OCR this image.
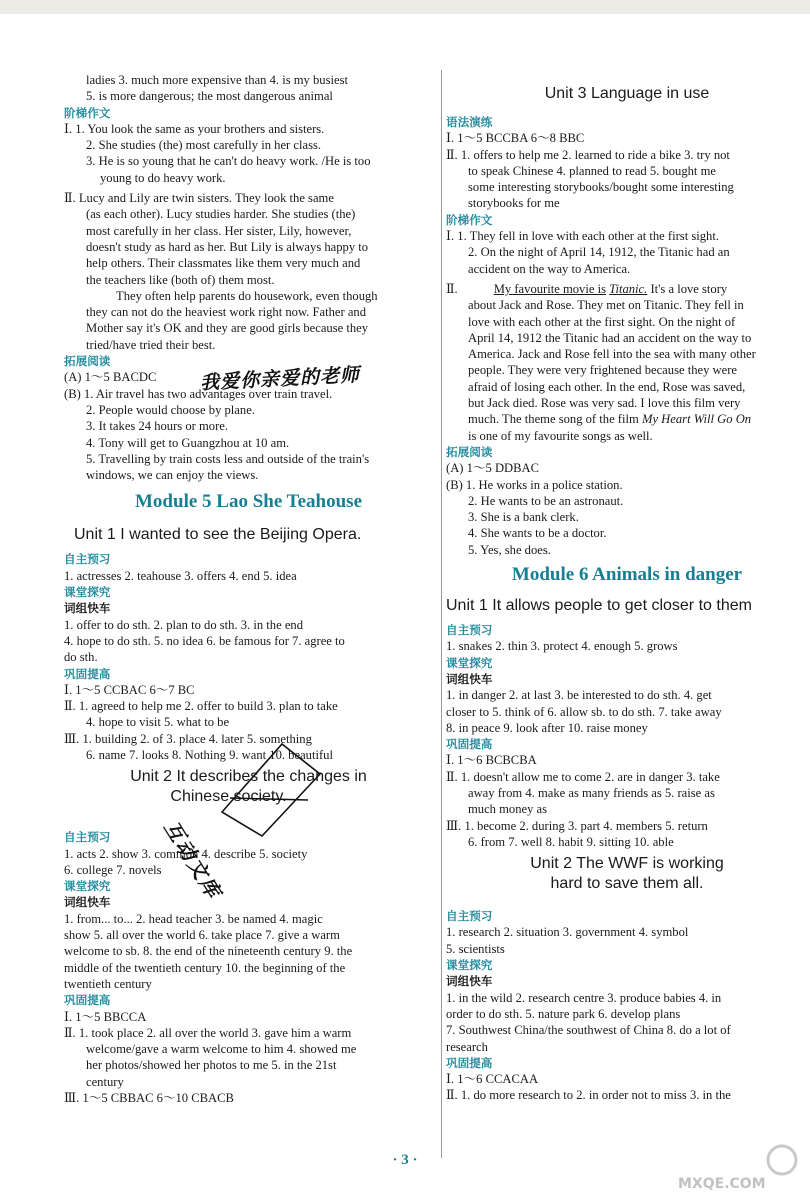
ladies 3. much more expensive than 4. is my busiest
5. is more dangerous; the most dangerous animal
阶梯作文
Ⅰ. 1. You look the same as your brothers and sisters.
2. She studies (the) most carefully in her class.
3. He is so young that he can't do heavy work. /He is too
young to do heavy work.
Ⅱ. Lucy and Lily are twin sisters. They look the same
(as each other). Lucy studies harder. She studies (the)
most carefully in her class. Her sister, Lily, however,
doesn't study as hard as her. But Lily is always happy to
help others. Their classmates like them very much and
the teachers like (both of) them most.
They often help parents do housework, even though
they can not do the heaviest work right now. Father and
Mother say it's OK and they are good girls because they
tried/have tried their best.
拓展阅读
(A) 1～5 BACDC
(B) 1. Air travel has two advantages over train travel.
2. People would choose by plane.
3. It takes 24 hours or more.
4. Tony will get to Guangzhou at 10 am.
5. Travelling by train costs less and outside of the train's
windows, we can enjoy the views.
Module 5 Lao She Teahouse
Unit 1 I wanted to see the Beijing Opera.
自主预习
1. actresses 2. teahouse 3. offers 4. end 5. idea
课堂探究
词组快车
1. offer to do sth. 2. plan to do sth. 3. in the end
4. hope to do sth. 5. no idea 6. be famous for 7. agree to
do sth.
巩固提高
Ⅰ. 1～5 CCBAC 6～7 BC
Ⅱ. 1. agreed to help me 2. offer to build 3. plan to take
4. hope to visit 5. what to be
Ⅲ. 1. building 2. of 3. place 4. later 5. something
6. name 7. looks 8. Nothing 9. want 10. beautiful
Unit 2 It describes the changes in
Chinese society.
自主预习
1. acts 2. show 3. common 4. describe 5. society
6. college 7. novels
课堂探究
词组快车
1. from... to... 2. head teacher 3. be named 4. magic
show 5. all over the world 6. take place 7. give a warm
welcome to sb. 8. the end of the nineteenth century 9. the
middle of the twentieth century 10. the beginning of the
twentieth century
巩固提高
Ⅰ. 1～5 BBCCA
Ⅱ. 1. took place 2. all over the world 3. gave him a warm
welcome/gave a warm welcome to him 4. showed me
her photos/showed her photos to me 5. in the 21st
century
Ⅲ. 1～5 CBBAC 6～10 CBACB
Unit 3 Language in use
语法演练
Ⅰ. 1～5 BCCBA 6～8 BBC
Ⅱ. 1. offers to help me 2. learned to ride a bike 3. try not
to speak Chinese 4. planned to read 5. bought me
some interesting storybooks/bought some interesting
storybooks for me
阶梯作文
Ⅰ. 1. They fell in love with each other at the first sight.
2. On the night of April 14, 1912, the Titanic had an
accident on the way to America.
Ⅱ.	My favourite movie is Titanic. It's a love story
about Jack and Rose. They met on Titanic. They fell in
love with each other at the first sight. On the night of
April 14, 1912 the Titanic had an accident on the way to
America. Jack and Rose fell into the sea with many other
people. They were very frightened because they were
afraid of losing each other. In the end, Rose was saved,
but Jack died. Rose was very sad. I love this film very
much. The theme song of the film My Heart Will Go On
is one of my favourite songs as well.
拓展阅读
(A) 1～5 DDBAC
(B) 1. He works in a police station.
2. He wants to be an astronaut.
3. She is a bank clerk.
4. She wants to be a doctor.
5. Yes, she does.
Module 6 Animals in danger
Unit 1 It allows people to get closer to them
自主预习
1. snakes 2. thin 3. protect 4. enough 5. grows
课堂探究
词组快车
1. in danger 2. at last 3. be interested to do sth. 4. get
closer to 5. think of 6. allow sb. to do sth. 7. take away
8. in peace 9. look after 10. raise money
巩固提高
Ⅰ. 1～6 BCBCBA
Ⅱ. 1. doesn't allow me to come 2. are in danger 3. take
away from 4. make as many friends as 5. raise as
much money as
Ⅲ. 1. become 2. during 3. part 4. members 5. return
6. from 7. well 8. habit 9. sitting 10. able
Unit 2 The WWF is working
hard to save them all.
自主预习
1. research 2. situation 3. government 4. symbol
5. scientists
课堂探究
词组快车
1. in the wild 2. research centre 3. produce babies 4. in
order to do sth. 5. nature park 6. develop plans
7. Southwest China/the southwest of China 8. do a lot of
research
巩固提高
Ⅰ. 1～6 CCACAA
Ⅱ. 1. do more research to 2. in order not to miss 3. in the
我爱你亲爱的老师
互动文库
· 3 ·
MXQE.COM
